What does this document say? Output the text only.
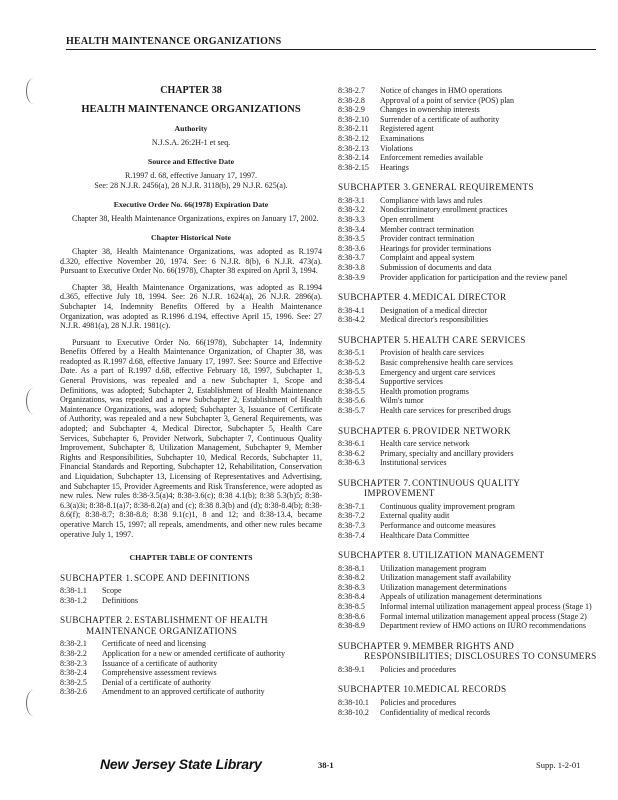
HEALTH MAINTENANCE ORGANIZATIONS
CHAPTER 38
HEALTH MAINTENANCE ORGANIZATIONS
Authority
N.J.S.A. 26:2H-1 et seq.
Source and Effective Date
R.1997 d. 68, effective January 17, 1997.
See: 28 N.J.R. 2456(a), 28 N.J.R. 3118(b), 29 N.J.R. 625(a).
Executive Order No. 66(1978) Expiration Date

Chapter 38, Health Maintenance Organizations, expires on January 17, 2002.

Chapter Historical Note

Chapter 38, Health Maintenance Organizations, was adopted as R.1974 d.320, effective November 20, 1974. See: 6 N.J.R. 8(b), 6 N.J.R. 473(a). Pursuant to Executive Order No. 66(1978), Chapter 38 expired on April 3, 1994.

Chapter 38, Health Maintenance Organizations, was adopted as R.1994 d.365, effective July 18, 1994. See: 26 N.J.R. 1624(a), 26 N.J.R. 2896(a). Subchapter 14, Indemnity Benefits Offered by a Health Maintenance Organization, was adopted as R.1996 d.194, effective April 15, 1996. See: 27 N.J.R. 4981(a), 28 N.J.R. 1981(c).

Pursuant to Executive Order No. 66(1978), Subchapter 14, Indemnity Benefits Offered by a Health Maintenance Organization, of Chapter 38, was readopted as R.1997 d.68, effective January 17, 1997. See: Source and Effective Date. As a part of R.1997 d.68, effective February 18, 1997, Subchapter 1, General Provisions, was repealed and a new Subchapter 1, Scope and Definitions, was adopted; Subchapter 2, Establishment of Health Maintenance Organizations, was repealed and a new Subchapter 2, Establishment of Health Maintenance Organizations, was adopted; Subchapter 3, Issuance of Certificate of Authority, was repealed and a new Subchapter 3, General Requirements, was adopted; and Subchapter 4, Medical Director, Subchapter 5, Health Care Services, Subchapter 6, Provider Network, Subchapter 7, Continuous Quality Improvement, Subchapter 8, Utilization Management, Subchapter 9, Member Rights and Responsibilities, Subchapter 10, Medical Records, Subchapter 11, Financial Standards and Reporting, Subchapter 12, Rehabilitation, Conservation and Liquidation, Subchapter 13, Licensing of Representatives and Advertising, and Subchapter 15, Provider Agreements and Risk Transference, were adopted as new rules. New rules 8:38-3.5(a)4; 8:38-3.6(c); 8:38 4.1(b); 8:38 5.3(b)5; 8:38-6.3(a)3i; 8:38-8.1(a)7; 8:38-8.2(a) and (c); 8:38 8.3(b) and (d); 8:38-8.4(b); 8:38-8.6(f); 8:38-8.7; 8:38-8.8; 8:38 9.1(c)1, 8 and 12; and 8:38-13.4, became operative March 15, 1997; all repeals, amendments, and other new rules became operative July 1, 1997.

CHAPTER TABLE OF CONTENTS
SUBCHAPTER 1.SCOPE AND DEFINITIONS
8:38-1.1	Scope
8:38-1.2	Definitions
SUBCHAPTER 2.ESTABLISHMENT OF HEALTH
MAINTENANCE ORGANIZATIONS
8:38-2.1	Certificate of need and licensing
8:38-2.2	Application for a new or amended certificate of authority
8:38-2.3	Issuance of a certificate of authority
8:38-2.4	Comprehensive assessment reviews
8:38-2.5	Denial of a certificate of authority
8:38-2.6	Amendment to an approved certificate of authority
8:38-2.7	Notice of changes in HMO operations
8:38-2.8	Approval of a point of service (POS) plan
8:38-2.9	Changes in ownership interests
8:38-2.10	Surrender of a certificate of authority
8:38-2.11	Registered agent
8:38-2.12	Examinations
8:38-2.13	Violations
8:38-2.14	Enforcement remedies available
8:38-2.15	Hearings
SUBCHAPTER 3.GENERAL REQUIREMENTS
8:38-3.1	Compliance with laws and rules
8:38-3.2	Nondiscriminatory enrollment practices
8:38-3.3	Open enrollment
8:38-3.4	Member contract termination
8:38-3.5	Provider contract termination
8:38-3.6	Hearings for provider terminations
8:38-3.7	Complaint and appeal system
8:38-3.8	Submission of documents and data
8:38-3.9	Provider application for participation and the review panel
SUBCHAPTER 4.MEDICAL DIRECTOR
8:38-4.1	Designation of a medical director
8:38-4.2	Medical director's responsibilities
SUBCHAPTER 5.HEALTH CARE SERVICES
8:38-5.1	Provision of health care services
8:38-5.2	Basic comprehensive health care services
8:38-5.3	Emergency and urgent care services
8:38-5.4	Supportive services
8:38-5.5	Health promotion programs
8:38-5.6	Wilm's tumor
8:38-5.7	Health care services for prescribed drugs
SUBCHAPTER 6.PROVIDER NETWORK
8:38-6.1	Health care service network
8:38-6.2	Primary, specialty and ancillary providers
8:38-6.3	Institutional services
SUBCHAPTER 7.CONTINUOUS QUALITY
IMPROVEMENT
8:38-7.1	Continuous quality improvement program
8:38-7.2	External quality audit
8:38-7.3	Performance and outcome measures
8:38-7.4	Healthcare Data Committee
SUBCHAPTER 8.UTILIZATION MANAGEMENT
8:38-8.1	Utilization management program
8:38-8.2	Utilization management staff availability
8:38-8.3	Utilization management determinations
8:38-8.4	Appeals of utilization management determinations
8:38-8.5	Informal internal utilization management appeal process (Stage 1)
8:38-8.6	Formal internal utilization management appeal process (Stage 2)
8:38-8.9	Department review of HMO actions on IURO recommendations
SUBCHAPTER 9.MEMBER RIGHTS AND
RESPONSIBILITIES; DISCLOSURES TO CONSUMERS
8:38-9.1	Policies and procedures
SUBCHAPTER 10.MEDICAL RECORDS
8:38-10.1	Policies and procedures
8:38-10.2	Confidentiality of medical records
New Jersey State Library	38-1	Supp. 1-2-01
